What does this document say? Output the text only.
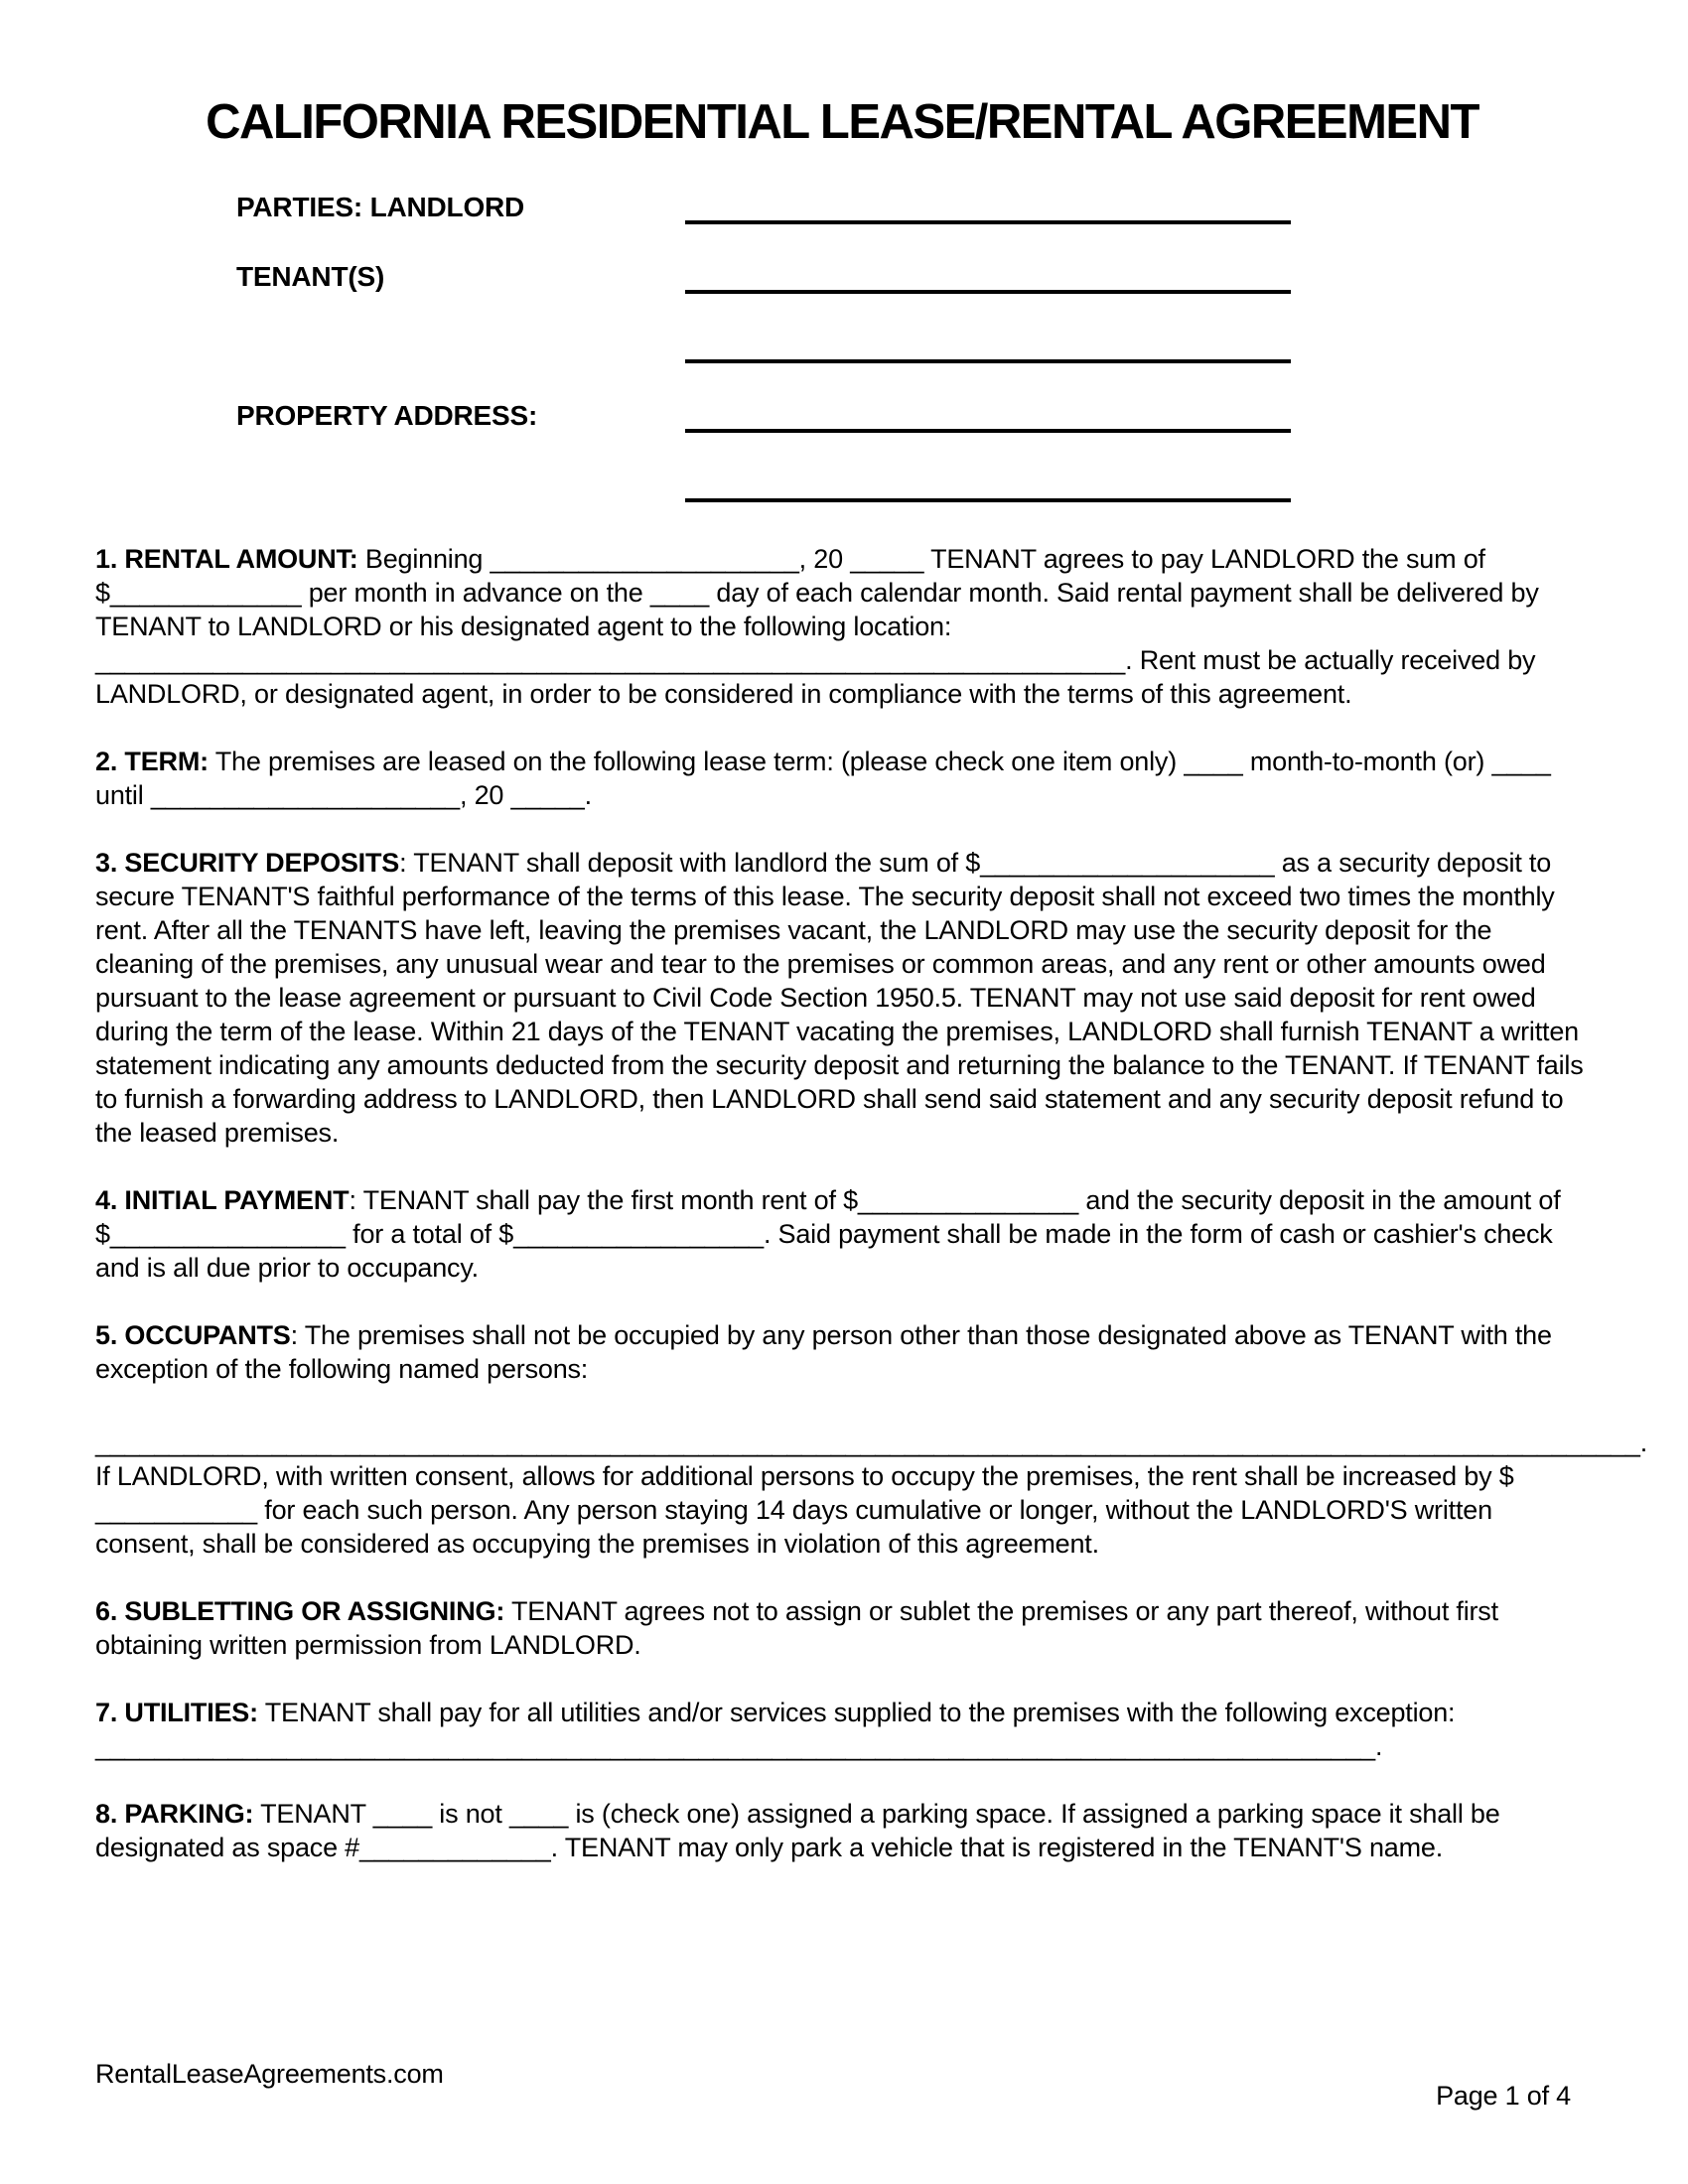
CALIFORNIA RESIDENTIAL LEASE/RENTAL AGREEMENT
PARTIES: LANDLORD
TENANT(S)
PROPERTY ADDRESS:

1. RENTAL AMOUNT: Beginning _____________________, 20 _____ TENANT agrees to pay LANDLORD the sum of $_____________ per month in advance on the ____ day of each calendar month. Said rental payment shall be delivered by TENANT to LANDLORD or his designated agent to the following location: ______________________________________________________________________. Rent must be actually received by LANDLORD, or designated agent, in order to be considered in compliance with the terms of this agreement.

2. TERM: The premises are leased on the following lease term: (please check one item only) ____ month-to-month (or) ____ until _____________________, 20 _____.

3. SECURITY DEPOSITS: TENANT shall deposit with landlord the sum of $____________________ as a security deposit to secure TENANT'S faithful performance of the terms of this lease. The security deposit shall not exceed two times the monthly rent. After all the TENANTS have left, leaving the premises vacant, the LANDLORD may use the security deposit for the cleaning of the premises, any unusual wear and tear to the premises or common areas, and any rent or other amounts owed pursuant to the lease agreement or pursuant to Civil Code Section 1950.5. TENANT may not use said deposit for rent owed during the term of the lease. Within 21 days of the TENANT vacating the premises, LANDLORD shall furnish TENANT a written statement indicating any amounts deducted from the security deposit and returning the balance to the TENANT. If TENANT fails to furnish a forwarding address to LANDLORD, then LANDLORD shall send said statement and any security deposit refund to the leased premises.

4. INITIAL PAYMENT: TENANT shall pay the first month rent of $_______________ and the security deposit in the amount of $________________ for a total of $_________________. Said payment shall be made in the form of cash or cashier's check and is all due prior to occupancy.

5. OCCUPANTS: The premises shall not be occupied by any person other than those designated above as TENANT with the exception of the following named persons:

_________________________________________________________________________________________________________.

If LANDLORD, with written consent, allows for additional persons to occupy the premises, the rent shall be increased by $ ___________ for each such person. Any person staying 14 days cumulative or longer, without the LANDLORD'S written consent, shall be considered as occupying the premises in violation of this agreement.

6. SUBLETTING OR ASSIGNING: TENANT agrees not to assign or sublet the premises or any part thereof, without first obtaining written permission from LANDLORD.

7. UTILITIES: TENANT shall pay for all utilities and/or services supplied to the premises with the following exception: _______________________________________________________________________________________.

8. PARKING: TENANT ____ is not ____ is (check one) assigned a parking space. If assigned a parking space it shall be designated as space #_____________. TENANT may only park a vehicle that is registered in the TENANT'S name.

RentalLeaseAgreements.com
Page 1 of 4
